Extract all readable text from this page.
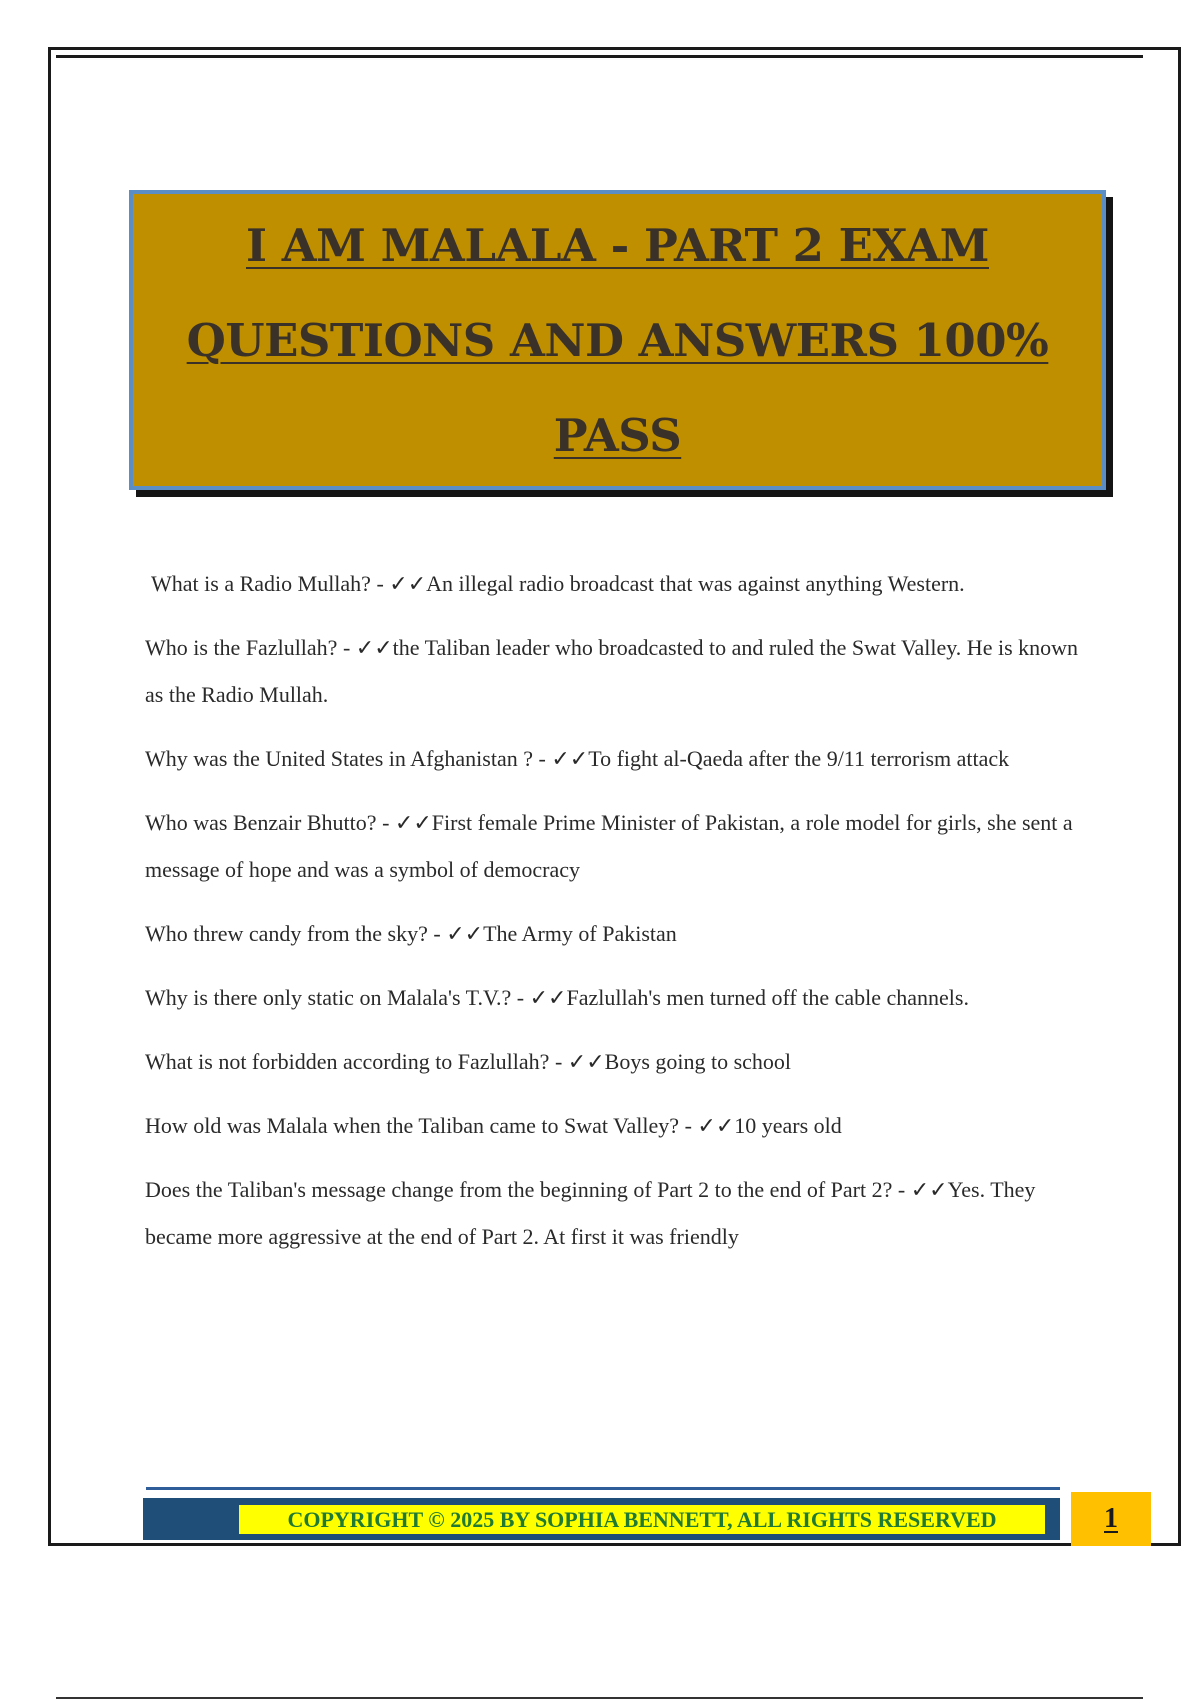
I AM MALALA - PART 2 EXAM
QUESTIONS AND ANSWERS 100%
PASS

What is a Radio Mullah? - ✓✓An illegal radio broadcast that was against anything Western.

Who is the Fazlullah? - ✓✓the Taliban leader who broadcasted to and ruled the Swat Valley. He is known as the Radio Mullah.

Why was the United States in Afghanistan ? - ✓✓To fight al-Qaeda after the 9/11 terrorism attack

Who was Benzair Bhutto? - ✓✓First female Prime Minister of Pakistan, a role model for girls, she sent a message of hope and was a symbol of democracy

Who threw candy from the sky? - ✓✓The Army of Pakistan

Why is there only static on Malala's T.V.? - ✓✓Fazlullah's men turned off the cable channels.

What is not forbidden according to Fazlullah? - ✓✓Boys going to school

How old was Malala when the Taliban came to Swat Valley? - ✓✓10 years old

Does the Taliban's message change from the beginning of Part 2 to the end of Part 2? - ✓✓Yes. They became more aggressive at the end of Part 2. At first it was friendly

COPYRIGHT © 2025 BY SOPHIA BENNETT, ALL RIGHTS RESERVED	1
